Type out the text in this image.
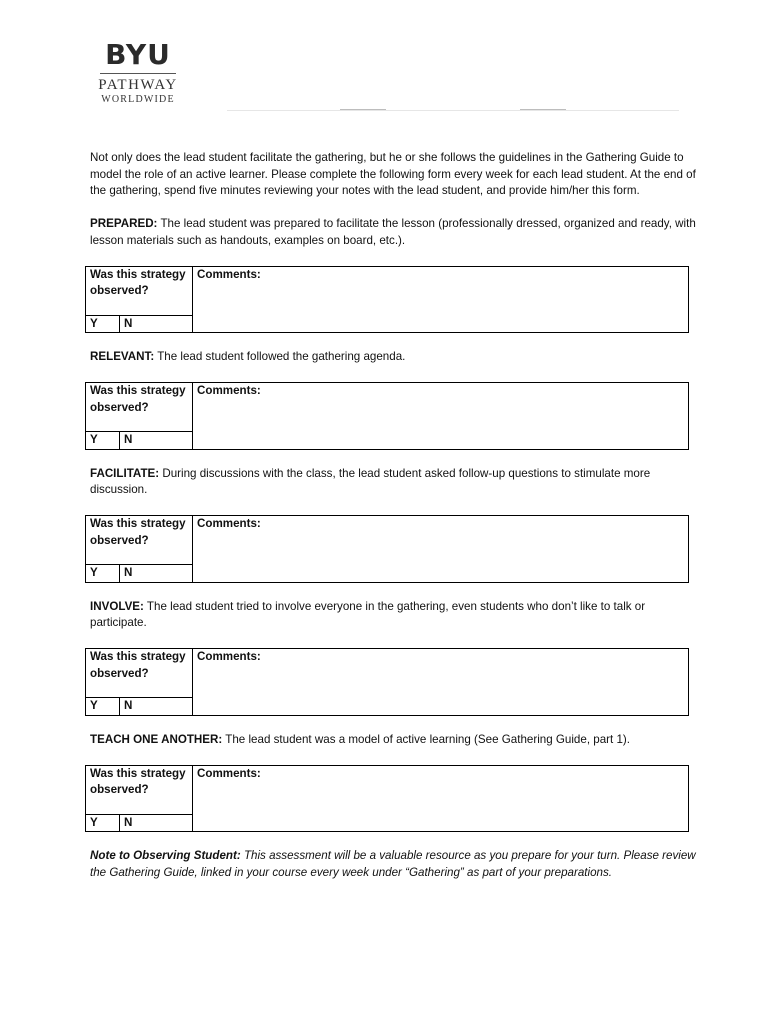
BYU
PATHWAY
WORLDWIDE

Not only does the lead student facilitate the gathering, but he or she follows the guidelines in the Gathering Guide to model the role of an active learner. Please complete the following form every week for each lead student. At the end of the gathering, spend five minutes reviewing your notes with the lead student, and provide him/her this form.

PREPARED: The lead student was prepared to facilitate the lesson (professionally dressed, organized and ready, with lesson materials such as handouts, examples on board, etc.).

Was this strategy observed?		Comments:
Y	N	

RELEVANT: The lead student followed the gathering agenda.

Was this strategy observed?		Comments:
Y	N	

FACILITATE: During discussions with the class, the lead student asked follow-up questions to stimulate more discussion.

Was this strategy observed?		Comments:
Y	N	

INVOLVE: The lead student tried to involve everyone in the gathering, even students who don’t like to talk or participate.

Was this strategy observed?		Comments:
Y	N	

TEACH ONE ANOTHER: The lead student was a model of active learning (See Gathering Guide, part 1).

Was this strategy observed?		Comments:
Y	N	

Note to Observing Student: This assessment will be a valuable resource as you prepare for your turn. Please review the Gathering Guide, linked in your course every week under “Gathering” as part of your preparations.
